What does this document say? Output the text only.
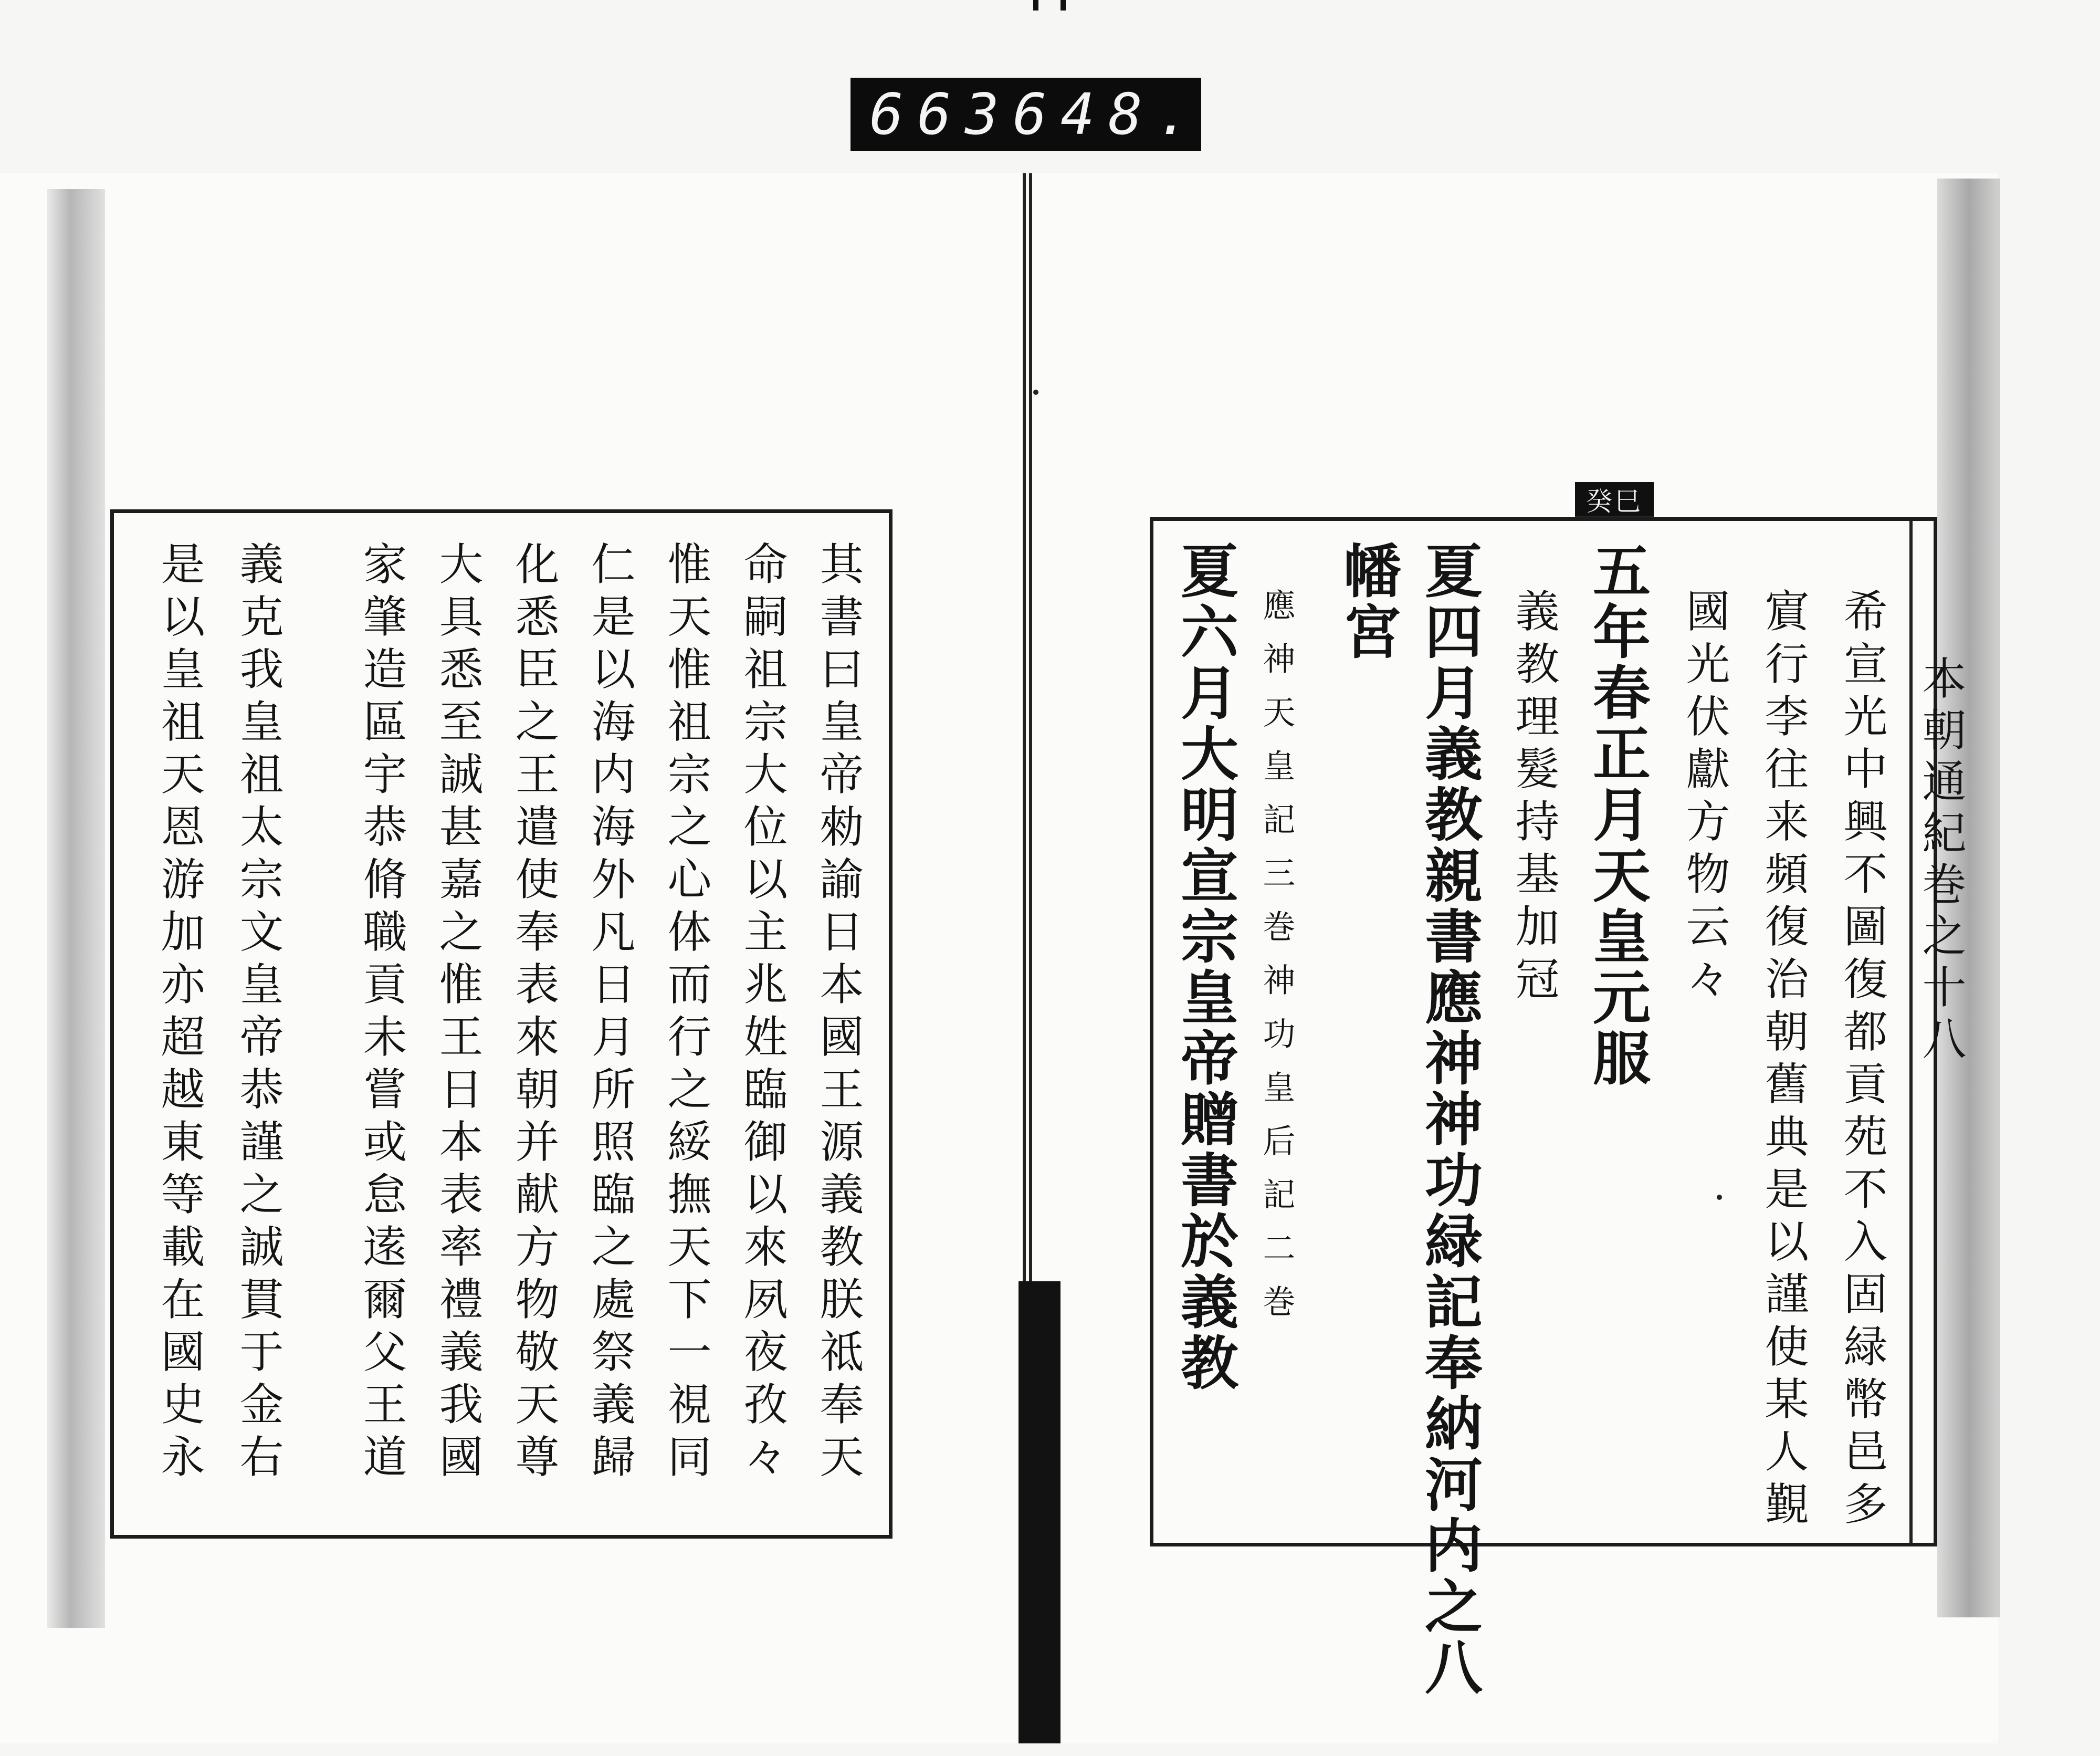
663 648.
癸巳
本朝通紀巻之十八
希宣光中興不圖復都貢苑不入固緑幣邑多
賔行李往来頻復治朝舊典是以謹使某人覲
國光伏獻方物云々
五年春正月天皇元服
義教理髮持基加冠
夏四月義教親書應神神功緑記奉納河内之八
幡宮
應神天皇記三巻神功皇后記二巻
夏六月大明宣宗皇帝贈書於義教
其書曰皇帝勑諭日本國王源義教朕祗奉天
命嗣祖宗大位以主兆姓臨御以來夙夜孜々
惟天惟祖宗之心体而行之綏撫天下一視同
仁是以海内海外凡日月所照臨之處祭義歸
化悉臣之王遣使奉表來朝并献方物敬天尊
大具悉至誠甚嘉之惟王日本表率禮義我國
家肇造區宇恭脩職貢未嘗或怠逺爾父王道
義克我皇祖太宗文皇帝恭謹之誠貫于金右
是以皇祖天恩游加亦超越東等載在國史永
